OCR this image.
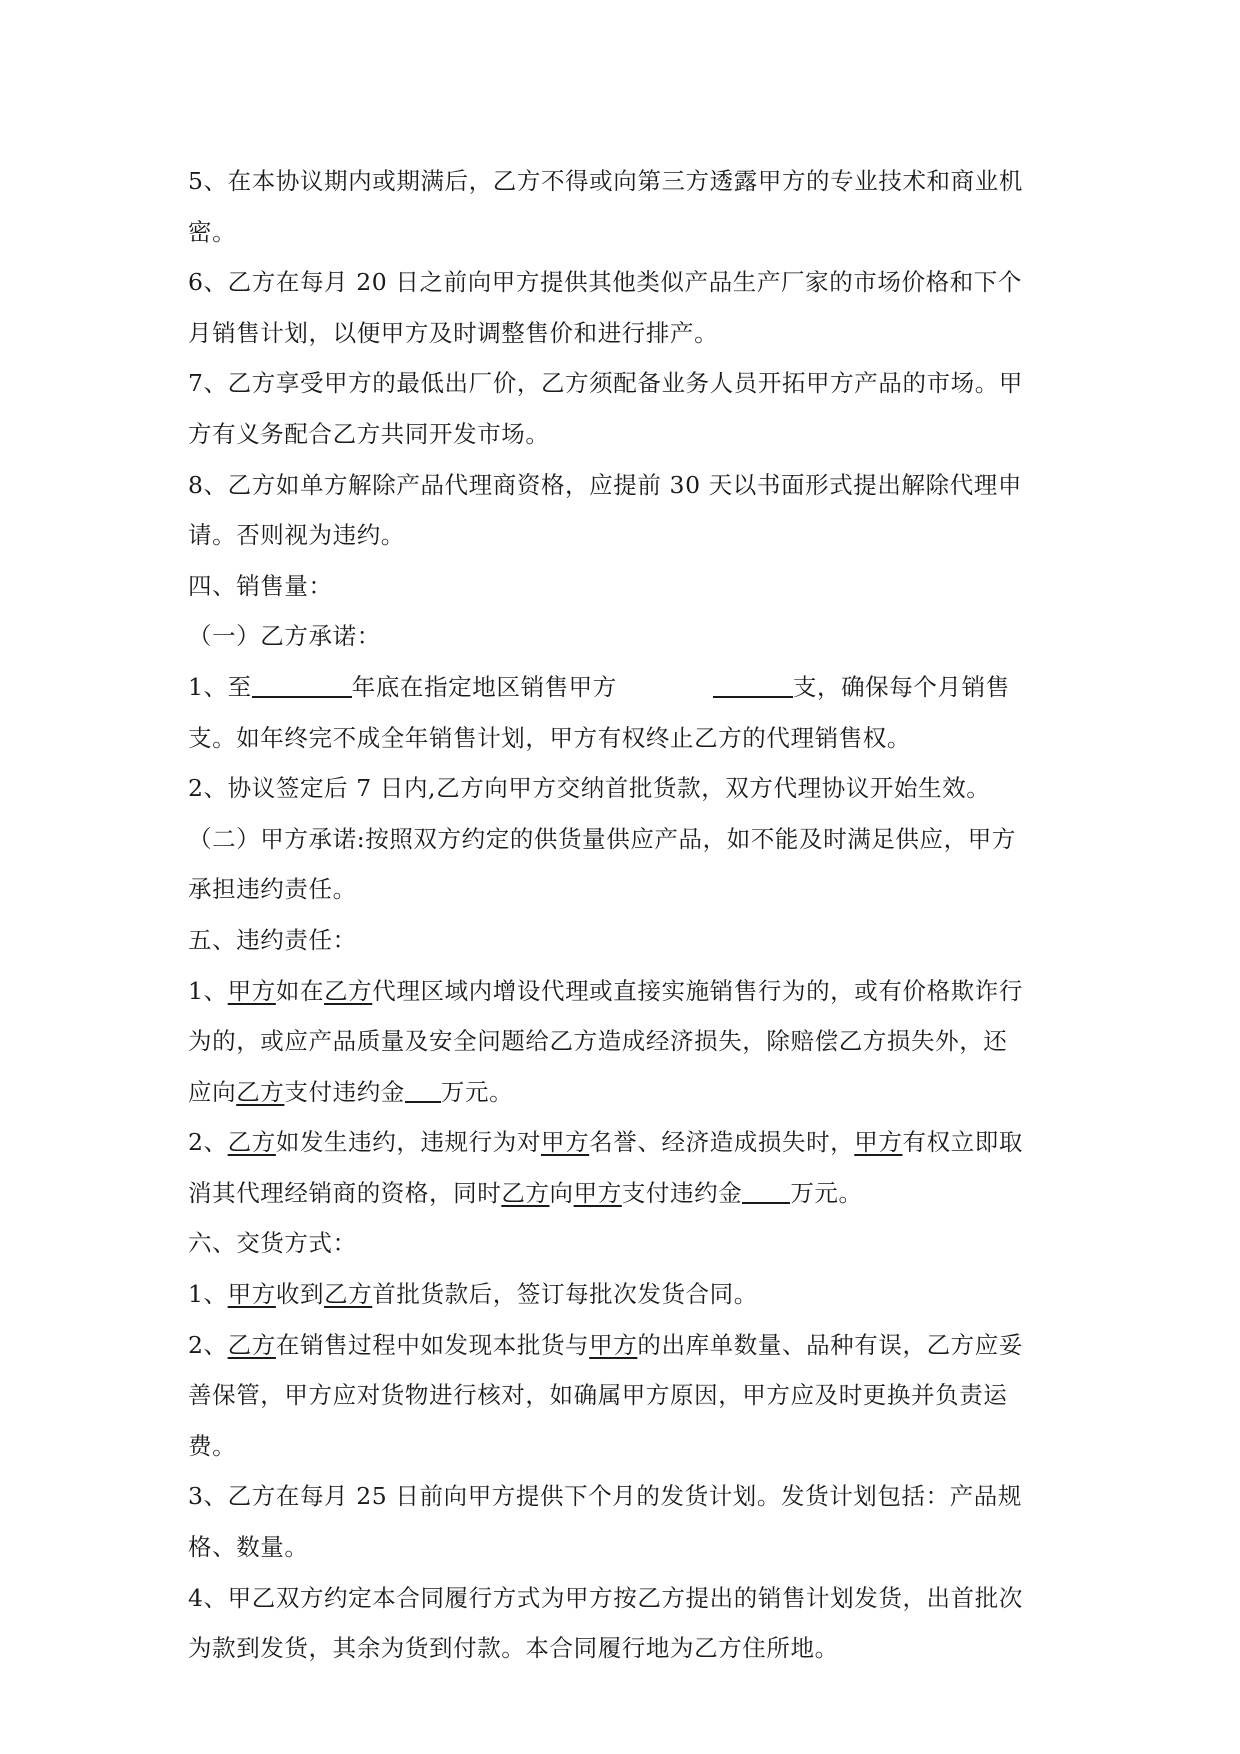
5、在本协议期内或期满后，乙方不得或向第三方透露甲方的专业技术和商业机
密。

6、乙方在每月 20 日之前向甲方提供其他类似产品生产厂家的市场价格和下个
月销售计划，以便甲方及时调整售价和进行排产。

7、乙方享受甲方的最低出厂价，乙方须配备业务人员开拓甲方产品的市场。甲
方有义务配合乙方共同开发市场。

8、乙方如单方解除产品代理商资格，应提前 30 天以书面形式提出解除代理申
请。否则视为违约。

四、销售量：

（一）乙方承诺：

1、至	年底在指定地区销售甲方	支，确保每个月销售
支。如年终完不成全年销售计划，甲方有权终止乙方的代理销售权。

2、协议签定后 7 日内,乙方向甲方交纳首批货款，双方代理协议开始生效。

（二）甲方承诺:按照双方约定的供货量供应产品，如不能及时满足供应，甲方
承担违约责任。

五、违约责任：

1、甲方如在乙方代理区域内增设代理或直接实施销售行为的，或有价格欺诈行
为的，或应产品质量及安全问题给乙方造成经济损失，除赔偿乙方损失外，还
应向乙方支付违约金 万元。

2、乙方如发生违约，违规行为对甲方名誉、经济造成损失时，甲方有权立即取
消其代理经销商的资格，同时乙方向甲方支付违约金 万元。

六、交货方式：

1、甲方收到乙方首批货款后，签订每批次发货合同。

2、乙方在销售过程中如发现本批货与甲方的出库单数量、品种有误，乙方应妥
善保管，甲方应对货物进行核对，如确属甲方原因，甲方应及时更换并负责运
费。

3、乙方在每月 25 日前向甲方提供下个月的发货计划。发货计划包括：产品规
格、数量。

4、甲乙双方约定本合同履行方式为甲方按乙方提出的销售计划发货，出首批次
为款到发货，其余为货到付款。本合同履行地为乙方住所地。
